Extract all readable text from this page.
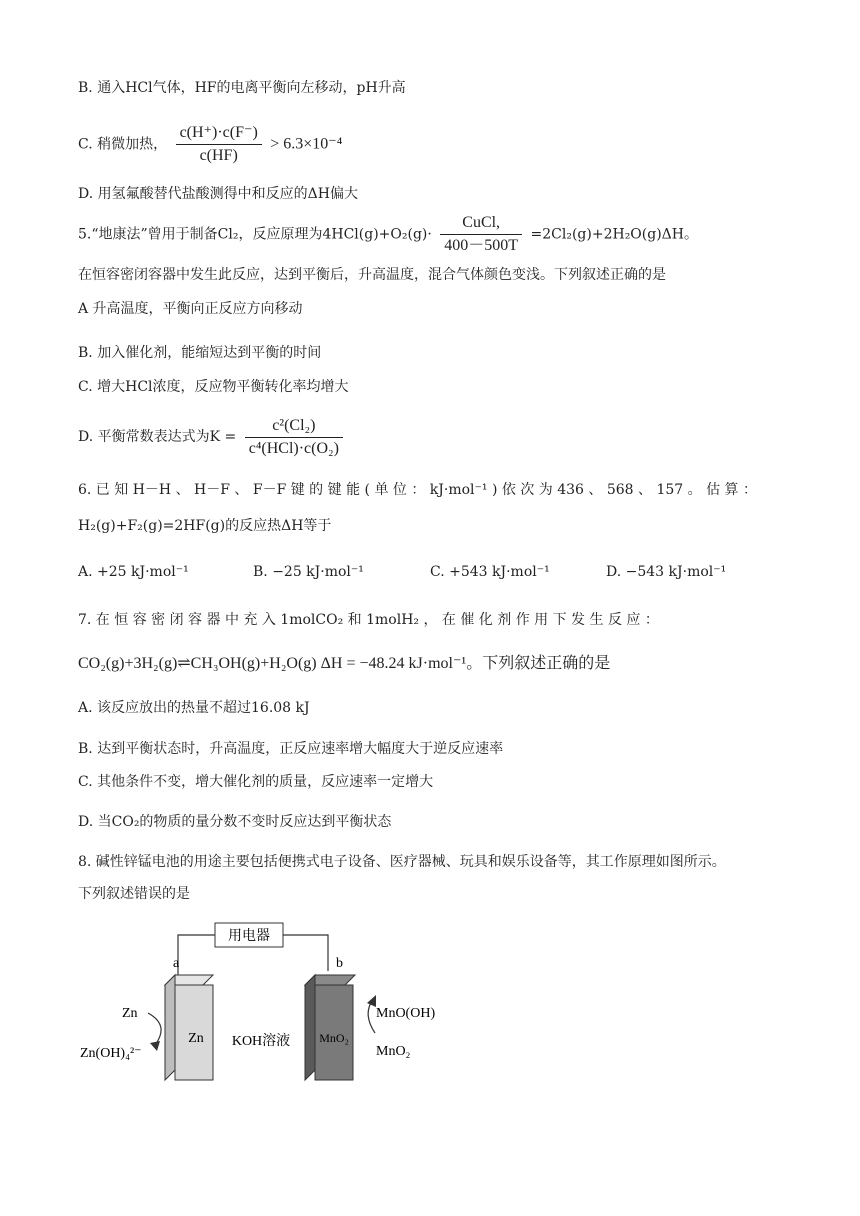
B. 通入HCl气体，HF的电离平衡向左移动，pH升高
C. 稍微加热， $\frac{c(H^+)\cdot c(F^-)}{c(HF)} > 6.3\times 10^{-4}$
D. 用氢氟酸替代盐酸测得中和反应的ΔH偏大
5.“地康法”曾用于制备Cl₂，反应原理为$4HCl(g)+O_2(g)\cdot \frac{\text{CuCl,}}{400-500T} =2Cl_2(g)+2H_2O(g)\Delta H$。
在恒容密闭容器中发生此反应，达到平衡后，升高温度，混合气体颜色变浅。下列叙述正确的是
A 升高温度，平衡向正反应方向移动
B. 加入催化剂，能缩短达到平衡的时间
C. 增大HCl浓度，反应物平衡转化率均增大
D. 平衡常数表达式为$K = \frac{\text{c²(Cl₂)}}{\text{c⁴(HCl)·c(O₂)}}$
6. 已 知 H－H 、 H－F 、 F－F 键 的 键 能 ( 单 位 ： kJ·mol⁻¹ ) 依 次 为 436 、 568 、 157 。 估 算 ：
H₂(g)+F₂(g)=2HF(g)的反应热ΔH等于
A. +25 kJ·mol⁻¹	B. −25 kJ·mol⁻¹	C. +543 kJ·mol⁻¹	D. −543 kJ·mol⁻¹
7. 在 恒 容 密 闭 容 器 中 充 入 1molCO₂ 和 1molH₂ ， 在 催 化 剂 作 用 下 发 生 反 应 ：
CO₂(g)+3H₂(g)⇌CH₃OH(g)+H₂O(g) ΔH = −48.24 kJ·mol⁻¹。下列叙述正确的是
A. 该反应放出的热量不超过16.08 kJ
B. 达到平衡状态时，升高温度，正反应速率增大幅度大于逆反应速率
C. 其他条件不变，增大催化剂的质量，反应速率一定增大
D. 当CO₂的物质的量分数不变时反应达到平衡状态
8. 碱性锌锰电池的用途主要包括便携式电子设备、医疗器械、玩具和娱乐设备等，其工作原理如图所示。
下列叙述错误的是
用电器
Zn
a
MnO₂
b
KOH溶液
Zn
Zn(OH)₄²⁻
MnO(OH)
MnO₂
